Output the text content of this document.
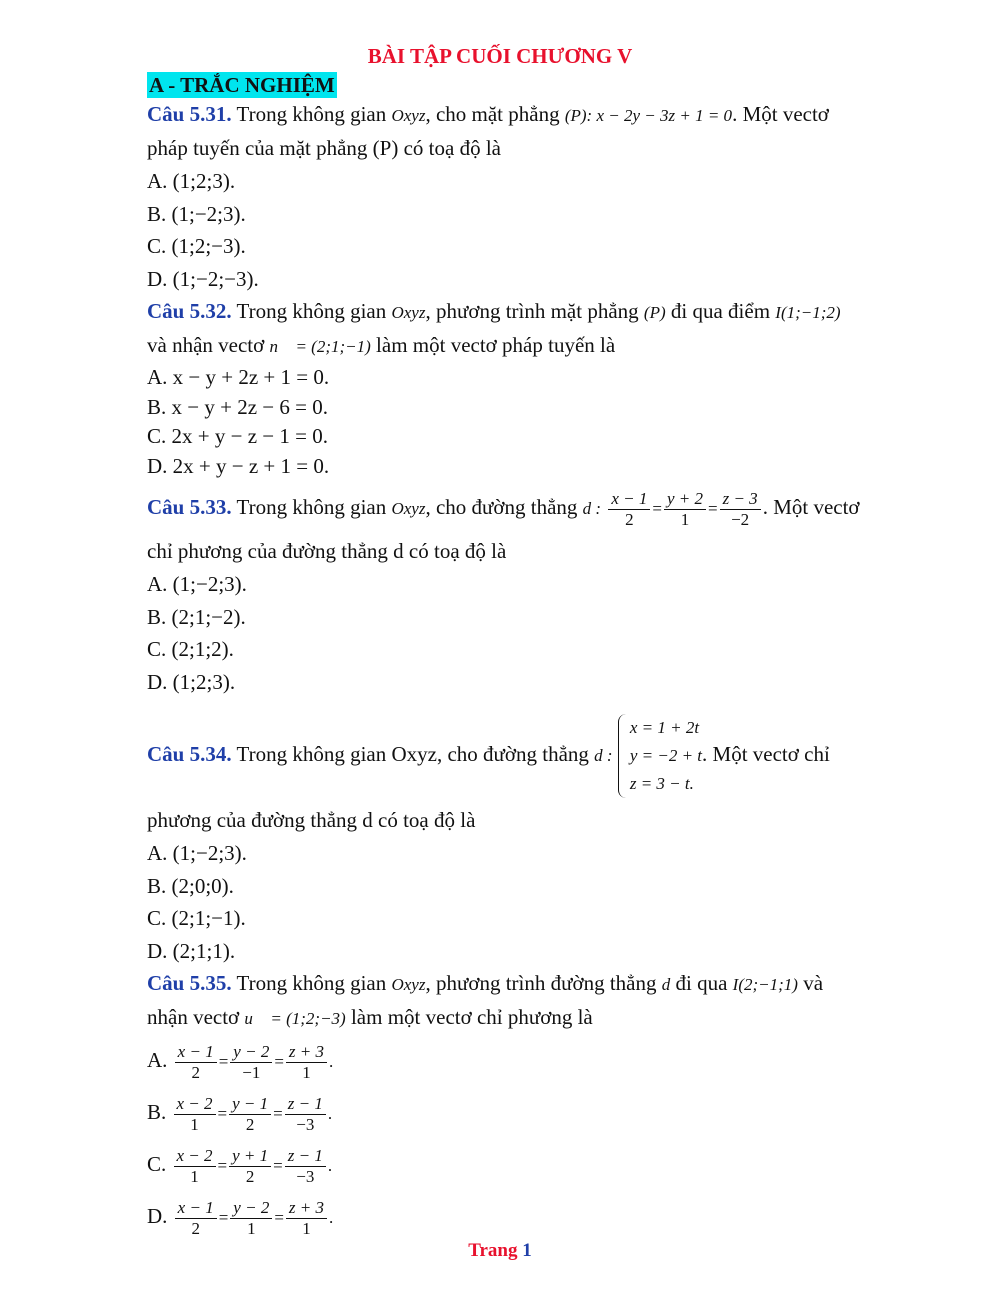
BÀI TẬP CUỐI CHƯƠNG V
A - TRẮC NGHIỆM
Câu 5.31. Trong không gian Oxyz, cho mặt phẳng (P): x − 2y − 3z + 1 = 0. Một vectơ
pháp tuyến của mặt phẳng (P) có toạ độ là
A. (1;2;3).
B. (1;−2;3).
C. (1;2;−3).
D. (1;−2;−3).
Câu 5.32. Trong không gian Oxyz, phương trình mặt phẳng (P) đi qua điểm I(1;−1;2)
và nhận vectơ n⃗ = (2;1;−1) làm một vectơ pháp tuyến là
A. x − y + 2z + 1 = 0.
B. x − y + 2z − 6 = 0.
C. 2x + y − z − 1 = 0.
D. 2x + y − z + 1 = 0.
Câu 5.33. Trong không gian Oxyz, cho đường thẳng d : $\frac{x - 1}{2} = \frac{y + 2}{1} = \frac{z - 3}{-2}$ . Một vectơ
chỉ phương của đường thẳng d có toạ độ là
A. (1;−2;3).
B. (2;1;−2).
C. (2;1;2).
D. (1;2;3).
Câu 5.34. Trong không gian Oxyz, cho đường thẳng d :
x = 1 + 2t
y = −2 + t
z = 3 − t.
. Một vectơ chỉ
phương của đường thẳng d có toạ độ là
A. (1;−2;3).
B. (2;0;0).
C. (2;1;−1).
D. (2;1;1).
Câu 5.35. Trong không gian Oxyz, phương trình đường thẳng d đi qua I(2;−1;1) và
nhận vectơ u⃗ = (1;2;−3) làm một vectơ chỉ phương là
A. $\frac{x - 1}{2} = \frac{y - 2}{-1} = \frac{z + 3}{1}$ .
B. $\frac{x - 2}{1} = \frac{y - 1}{2} = \frac{z - 1}{-3}$ .
C. $\frac{x - 2}{1} = \frac{y + 1}{2} = \frac{z - 1}{-3}$ .
D. $\frac{x - 1}{2} = \frac{y - 2}{1} = \frac{z + 3}{1}$ .
Trang 1
